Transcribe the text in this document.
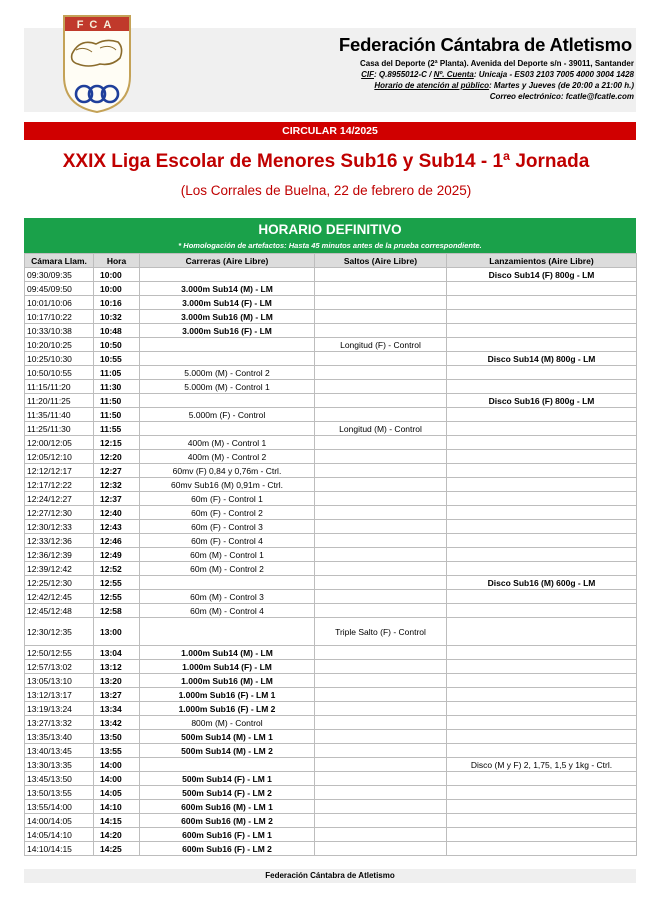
FCA
Federación Cántabra de Atletismo
Casa del Deporte (2ª Planta). Avenida del Deporte s/n - 39011, Santander
CIF: Q.8955012-C / Nº. Cuenta: Unicaja - ES03 2103 7005 4000 3004 1428
Horario de atención al público: Martes y Jueves (de 20:00 a 21:00 h.)
Correo electrónico: fcatle@fcatle.com
CIRCULAR 14/2025
XXIX Liga Escolar de Menores Sub16 y Sub14 - 1ª Jornada
(Los Corrales de Buelna, 22 de febrero de 2025)
HORARIO DEFINITIVO
* Homologación de artefactos: Hasta 45 minutos antes de la prueba correspondiente.
Cámara Llam.	Hora	Carreras (Aire Libre)	Saltos (Aire Libre)	Lanzamientos (Aire Libre)
09:30/09:35	10:00			Disco Sub14 (F) 800g - LM
09:45/09:50	10:00	3.000m Sub14 (M) - LM		
10:01/10:06	10:16	3.000m Sub14 (F) - LM		
10:17/10:22	10:32	3.000m Sub16 (M) - LM		
10:33/10:38	10:48	3.000m Sub16 (F) - LM		
10:20/10:25	10:50		Longitud (F) - Control	
10:25/10:30	10:55			Disco Sub14 (M) 800g - LM
10:50/10:55	11:05	5.000m (M) - Control 2		
11:15/11:20	11:30	5.000m (M) - Control 1		
11:20/11:25	11:50			Disco Sub16 (F) 800g - LM
11:35/11:40	11:50	5.000m (F) - Control		
11:25/11:30	11:55		Longitud (M) - Control	
12:00/12:05	12:15	400m (M) - Control 1		
12:05/12:10	12:20	400m (M) - Control 2		
12:12/12:17	12:27	60mv (F) 0,84 y 0,76m - Ctrl.		
12:17/12:22	12:32	60mv Sub16 (M) 0,91m - Ctrl.		
12:24/12:27	12:37	60m (F) - Control 1		
12:27/12:30	12:40	60m (F) - Control 2		
12:30/12:33	12:43	60m (F) - Control 3		
12:33/12:36	12:46	60m (F) - Control 4		
12:36/12:39	12:49	60m (M) - Control 1		
12:39/12:42	12:52	60m (M) - Control 2		
12:25/12:30	12:55			Disco Sub16 (M) 600g - LM
12:42/12:45	12:55	60m (M) - Control 3		
12:45/12:48	12:58	60m (M) - Control 4		
12:30/12:35	13:00		Triple Salto (F) - Control	
12:50/12:55	13:04	1.000m Sub14 (M) - LM		
12:57/13:02	13:12	1.000m Sub14 (F) - LM		
13:05/13:10	13:20	1.000m Sub16 (M) - LM		
13:12/13:17	13:27	1.000m Sub16 (F) - LM 1		
13:19/13:24	13:34	1.000m Sub16 (F) - LM 2		
13:27/13:32	13:42	800m (M) - Control		
13:35/13:40	13:50	500m Sub14 (M) - LM 1		
13:40/13:45	13:55	500m Sub14 (M) - LM 2		
13:30/13:35	14:00			Disco (M y F) 2, 1,75, 1,5 y 1kg - Ctrl.
13:45/13:50	14:00	500m Sub14 (F) - LM 1		
13:50/13:55	14:05	500m Sub14 (F) - LM 2		
13:55/14:00	14:10	600m Sub16 (M) - LM 1		
14:00/14:05	14:15	600m Sub16 (M) - LM 2		
14:05/14:10	14:20	600m Sub16 (F) - LM 1		
14:10/14:15	14:25	600m Sub16 (F) - LM 2		
Federación Cántabra de Atletismo
